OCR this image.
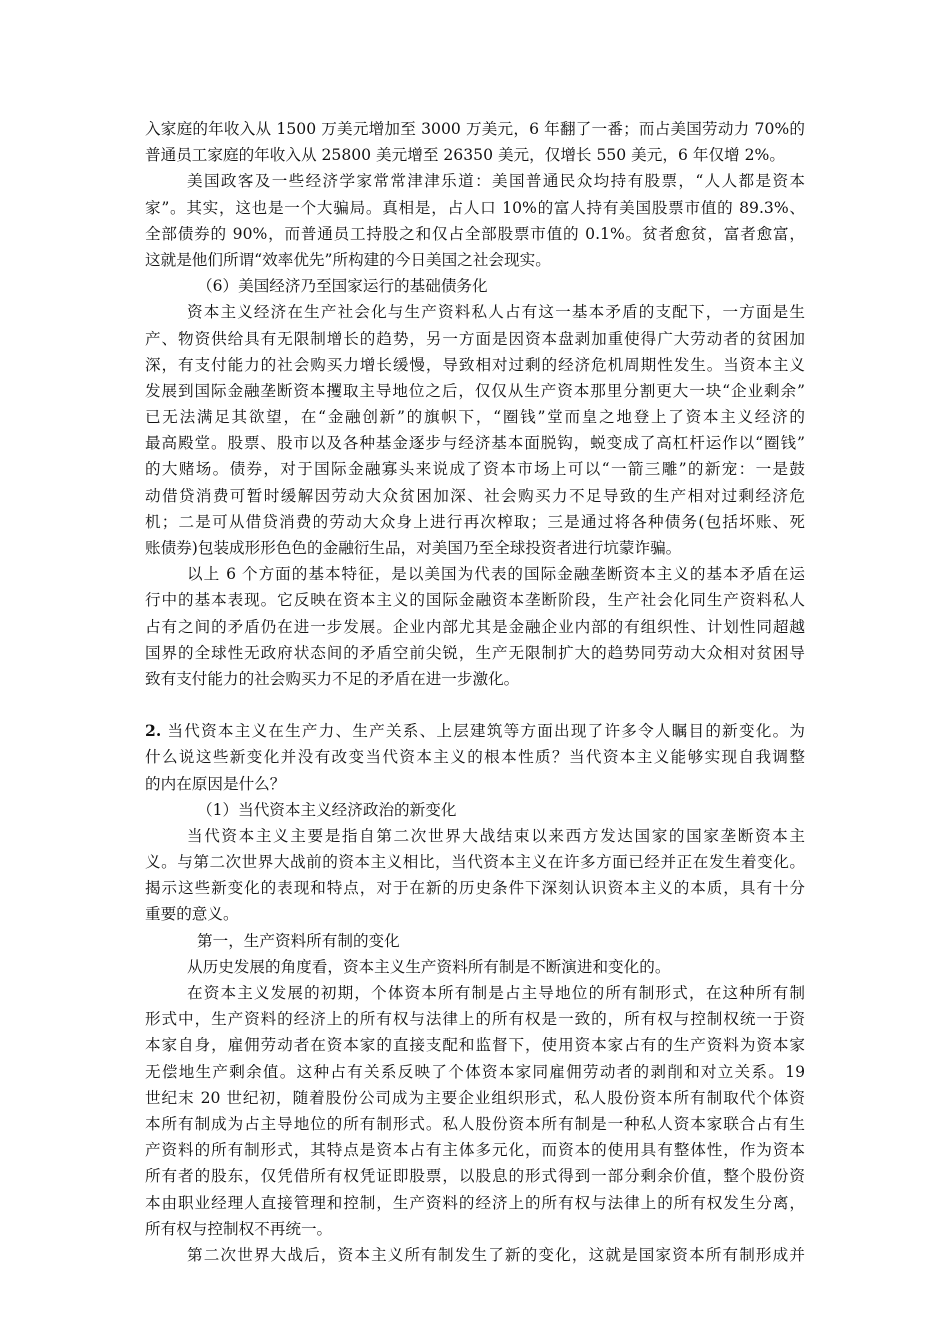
入家庭的年收入从 1500 万美元增加至 3000 万美元，6 年翻了一番；而占美国劳动力 70%的
普通员工家庭的年收入从 25800 美元增至 26350 美元，仅增长 550 美元，6 年仅增 2%。
美国政客及一些经济学家常常津津乐道：美国普通民众均持有股票，“人人都是资本
家”。其实，这也是一个大骗局。真相是，占人口 10%的富人持有美国股票市值的 89.3%、
全部债券的 90%，而普通员工持股之和仅占全部股票市值的 0.1%。贫者愈贫，富者愈富，
这就是他们所谓“效率优先”所构建的今日美国之社会现实。
（6）美国经济乃至国家运行的基础债务化
资本主义经济在生产社会化与生产资料私人占有这一基本矛盾的支配下，一方面是生
产、物资供给具有无限制增长的趋势，另一方面是因资本盘剥加重使得广大劳动者的贫困加
深，有支付能力的社会购买力增长缓慢，导致相对过剩的经济危机周期性发生。当资本主义
发展到国际金融垄断资本攫取主导地位之后，仅仅从生产资本那里分割更大一块“企业剩余”
已无法满足其欲望，在“金融创新”的旗帜下，“圈钱”堂而皇之地登上了资本主义经济的
最高殿堂。股票、股市以及各种基金逐步与经济基本面脱钩，蜕变成了高杠杆运作以“圈钱”
的大赌场。债券，对于国际金融寡头来说成了资本市场上可以“一箭三雕”的新宠：一是鼓
动借贷消费可暂时缓解因劳动大众贫困加深、社会购买力不足导致的生产相对过剩经济危
机；二是可从借贷消费的劳动大众身上进行再次榨取；三是通过将各种债务(包括坏账、死
账债券)包装成形形色色的金融衍生品，对美国乃至全球投资者进行坑蒙诈骗。
以上 6 个方面的基本特征，是以美国为代表的国际金融垄断资本主义的基本矛盾在运
行中的基本表现。它反映在资本主义的国际金融资本垄断阶段，生产社会化同生产资料私人
占有之间的矛盾仍在进一步发展。企业内部尤其是金融企业内部的有组织性、计划性同超越
国界的全球性无政府状态间的矛盾空前尖锐，生产无限制扩大的趋势同劳动大众相对贫困导
致有支付能力的社会购买力不足的矛盾在进一步激化。
2. 当代资本主义在生产力、生产关系、上层建筑等方面出现了许多令人瞩目的新变化。为
什么说这些新变化并没有改变当代资本主义的根本性质？当代资本主义能够实现自我调整
的内在原因是什么？
（1）当代资本主义经济政治的新变化
当代资本主义主要是指自第二次世界大战结束以来西方发达国家的国家垄断资本主
义。与第二次世界大战前的资本主义相比，当代资本主义在许多方面已经并正在发生着变化。
揭示这些新变化的表现和特点，对于在新的历史条件下深刻认识资本主义的本质，具有十分
重要的意义。
第一，生产资料所有制的变化
从历史发展的角度看，资本主义生产资料所有制是不断演进和变化的。
在资本主义发展的初期，个体资本所有制是占主导地位的所有制形式，在这种所有制
形式中，生产资料的经济上的所有权与法律上的所有权是一致的，所有权与控制权统一于资
本家自身，雇佣劳动者在资本家的直接支配和监督下，使用资本家占有的生产资料为资本家
无偿地生产剩余值。这种占有关系反映了个体资本家同雇佣劳动者的剥削和对立关系。19
世纪末 20 世纪初，随着股份公司成为主要企业组织形式，私人股份资本所有制取代个体资
本所有制成为占主导地位的所有制形式。私人股份资本所有制是一种私人资本家联合占有生
产资料的所有制形式，其特点是资本占有主体多元化，而资本的使用具有整体性，作为资本
所有者的股东，仅凭借所有权凭证即股票，以股息的形式得到一部分剩余价值，整个股份资
本由职业经理人直接管理和控制，生产资料的经济上的所有权与法律上的所有权发生分离，
所有权与控制权不再统一。
第二次世界大战后，资本主义所有制发生了新的变化，这就是国家资本所有制形成并
